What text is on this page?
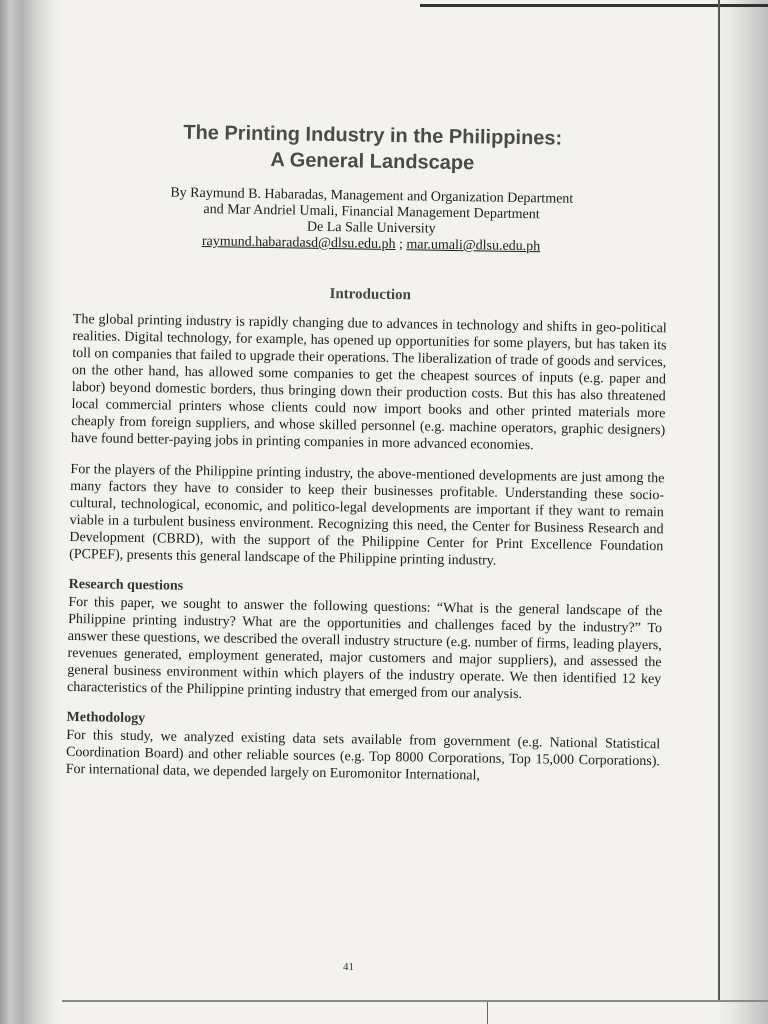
The Printing Industry in the Philippines:
A General Landscape
By Raymund B. Habaradas, Management and Organization Department
and Mar Andriel Umali, Financial Management Department
De La Salle University
raymund.habaradasd@dlsu.edu.ph ; mar.umali@dlsu.edu.ph
Introduction

The global printing industry is rapidly changing due to advances in technology and shifts in geo-political realities. Digital technology, for example, has opened up opportunities for some players, but has taken its toll on companies that failed to upgrade their operations. The liberalization of trade of goods and services, on the other hand, has allowed some companies to get the cheapest sources of inputs (e.g. paper and labor) beyond domestic borders, thus bringing down their production costs. But this has also threatened local commercial printers whose clients could now import books and other printed materials more cheaply from foreign suppliers, and whose skilled personnel (e.g. machine operators, graphic designers) have found better-paying jobs in printing companies in more advanced economies.

For the players of the Philippine printing industry, the above-mentioned developments are just among the many factors they have to consider to keep their businesses profitable. Understanding these socio-cultural, technological, economic, and politico-legal developments are important if they want to remain viable in a turbulent business environment. Recognizing this need, the Center for Business Research and Development (CBRD), with the support of the Philippine Center for Print Excellence Foundation (PCPEF), presents this general landscape of the Philippine printing industry.

Research questions

For this paper, we sought to answer the following questions: “What is the general landscape of the Philippine printing industry? What are the opportunities and challenges faced by the industry?” To answer these questions, we described the overall industry structure (e.g. number of firms, leading players, revenues generated, employment generated, major customers and major suppliers), and assessed the general business environment within which players of the industry operate. We then identified 12 key characteristics of the Philippine printing industry that emerged from our analysis.

Methodology

For this study, we analyzed existing data sets available from government (e.g. National Statistical Coordination Board) and other reliable sources (e.g. Top 8000 Corporations, Top 15,000 Corporations). For international data, we depended largely on Euromonitor International,

41
